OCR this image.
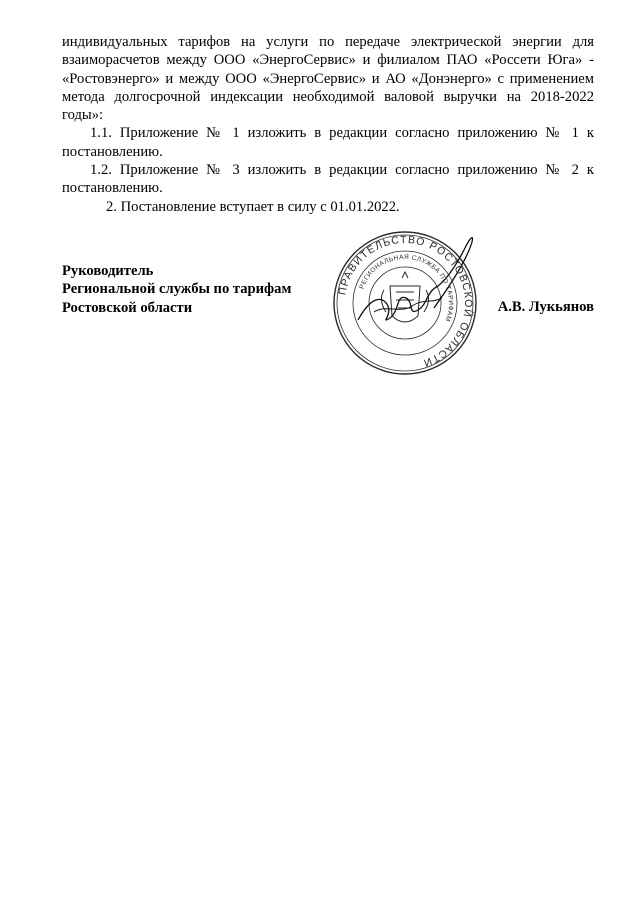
индивидуальных тарифов на услуги по передаче электрической энергии для взаиморасчетов между ООО «ЭнергоСервис» и филиалом ПАО «Россети Юга» - «Ростовэнерго» и между ООО «ЭнергоСервис» и АО «Донэнерго» с применением метода долгосрочной индексации необходимой валовой выручки на 2018-2022 годы»:

1.1. Приложение № 1 изложить в редакции согласно приложению № 1 к постановлению.

1.2. Приложение № 3 изложить в редакции согласно приложению № 2 к постановлению.

2. Постановление вступает в силу с 01.01.2022.

Руководитель
Региональной службы по тарифам
Ростовской области	А.В. Лукьянов
ПРАВИТЕЛЬСТВО РОСТОВСКОЙ ОБЛАСТИ
РЕГИОНАЛЬНАЯ СЛУЖБА ПО ТАРИФАМ
